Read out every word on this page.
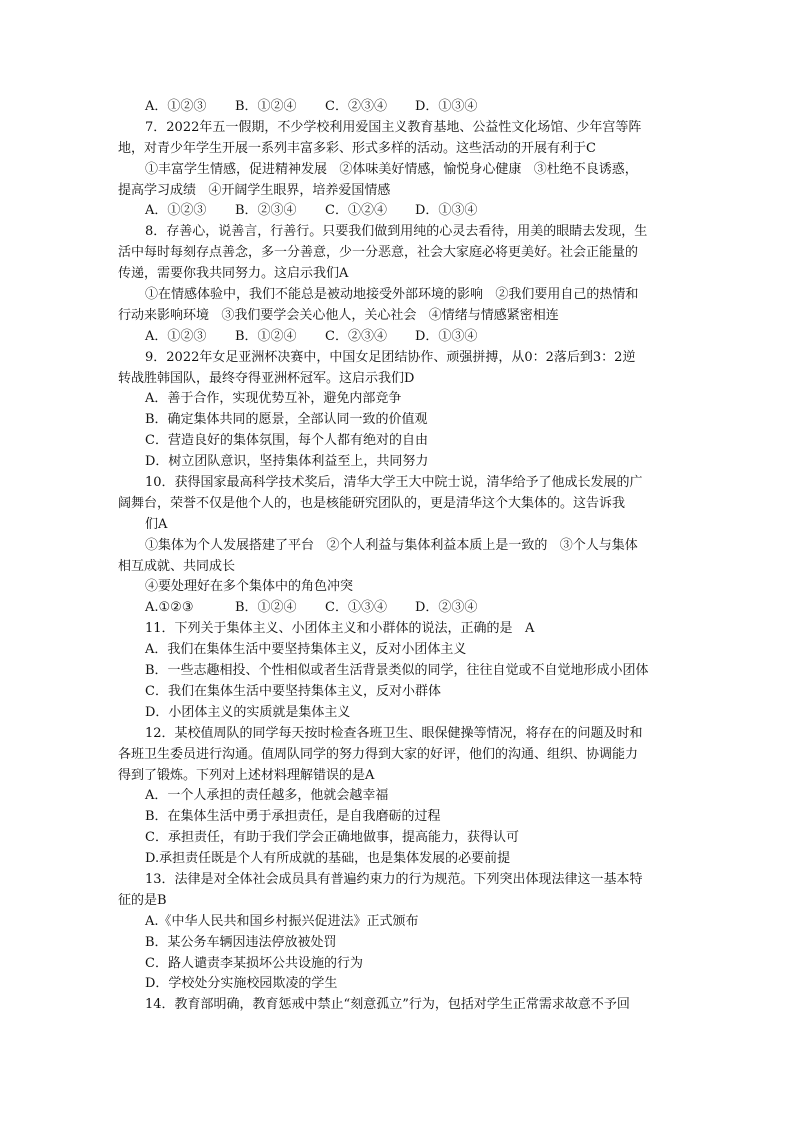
A．①②③ B．①②④ C．②③④ D．①③④
7．2022年五一假期，不少学校利用爱国主义教育基地、公益性文化场馆、少年宫等阵
地，对青少年学生开展一系列丰富多彩、形式多样的活动。这些活动的开展有利于C
①丰富学生情感，促进精神发展   ②体味美好情感，愉悦身心健康   ③杜绝不良诱惑，
提高学习成绩   ④开阔学生眼界，培养爱国情感
A．①②③ B．②③④ C．①②④ D．①③④
8．存善心，说善言，行善行。只要我们做到用纯的心灵去看待，用美的眼睛去发现，生
活中每时每刻存点善念，多一分善意，少一分恶意，社会大家庭必将更美好。社会正能量的
传递，需要你我共同努力。这启示我们A
①在情感体验中，我们不能总是被动地接受外部环境的影响   ②我们要用自己的热情和
行动来影响环境   ③我们要学会关心他人，关心社会   ④情绪与情感紧密相连
A．①②③ B．①②④ C．②③④ D．①③④
9．2022年女足亚洲杯决赛中，中国女足团结协作、顽强拼搏，从0：2落后到3：2逆
转战胜韩国队，最终夺得亚洲杯冠军。这启示我们D
A．善于合作，实现优势互补，避免内部竞争
B．确定集体共同的愿景，全部认同一致的价值观
C．营造良好的集体氛围，每个人都有绝对的自由
D．树立团队意识，坚持集体利益至上，共同努力
10．获得国家最高科学技术奖后，清华大学王大中院士说，清华给予了他成长发展的广
阔舞台，荣誉不仅是他个人的，也是核能研究团队的，更是清华这个大集体的。这告诉我
们A
①集体为个人发展搭建了平台   ②个人利益与集体利益本质上是一致的   ③个人与集体
相互成就、共同成长
④要处理好在多个集体中的角色冲突
A.①②③	B．①②④ C．①③④ D．②③④
11．下列关于集体主义、小团体主义和小群体的说法，正确的是   A
A．我们在集体生活中要坚持集体主义，反对小团体主义
B．一些志趣相投、个性相似或者生活背景类似的同学，往往自觉或不自觉地形成小团体
C．我们在集体生活中要坚持集体主义，反对小群体
D．小团体主义的实质就是集体主义
12．某校值周队的同学每天按时检查各班卫生、眼保健操等情况，将存在的问题及时和
各班卫生委员进行沟通。值周队同学的努力得到大家的好评，他们的沟通、组织、协调能力
得到了锻炼。下列对上述材料理解错误的是A
A．一个人承担的责任越多，他就会越幸福
B．在集体生活中勇于承担责任，是自我磨砺的过程
C．承担责任，有助于我们学会正确地做事，提高能力，获得认可
D.承担责任既是个人有所成就的基础，也是集体发展的必要前提
13．法律是对全体社会成员具有普遍约束力的行为规范。下列突出体现法律这一基本特
征的是B
A.《中华人民共和国乡村振兴促进法》正式颁布
B．某公务车辆因违法停放被处罚
C．路人谴责李某损坏公共设施的行为
D．学校处分实施校园欺凌的学生
14．教育部明确，教育惩戒中禁止“刻意孤立”行为，包括对学生正常需求故意不予回
